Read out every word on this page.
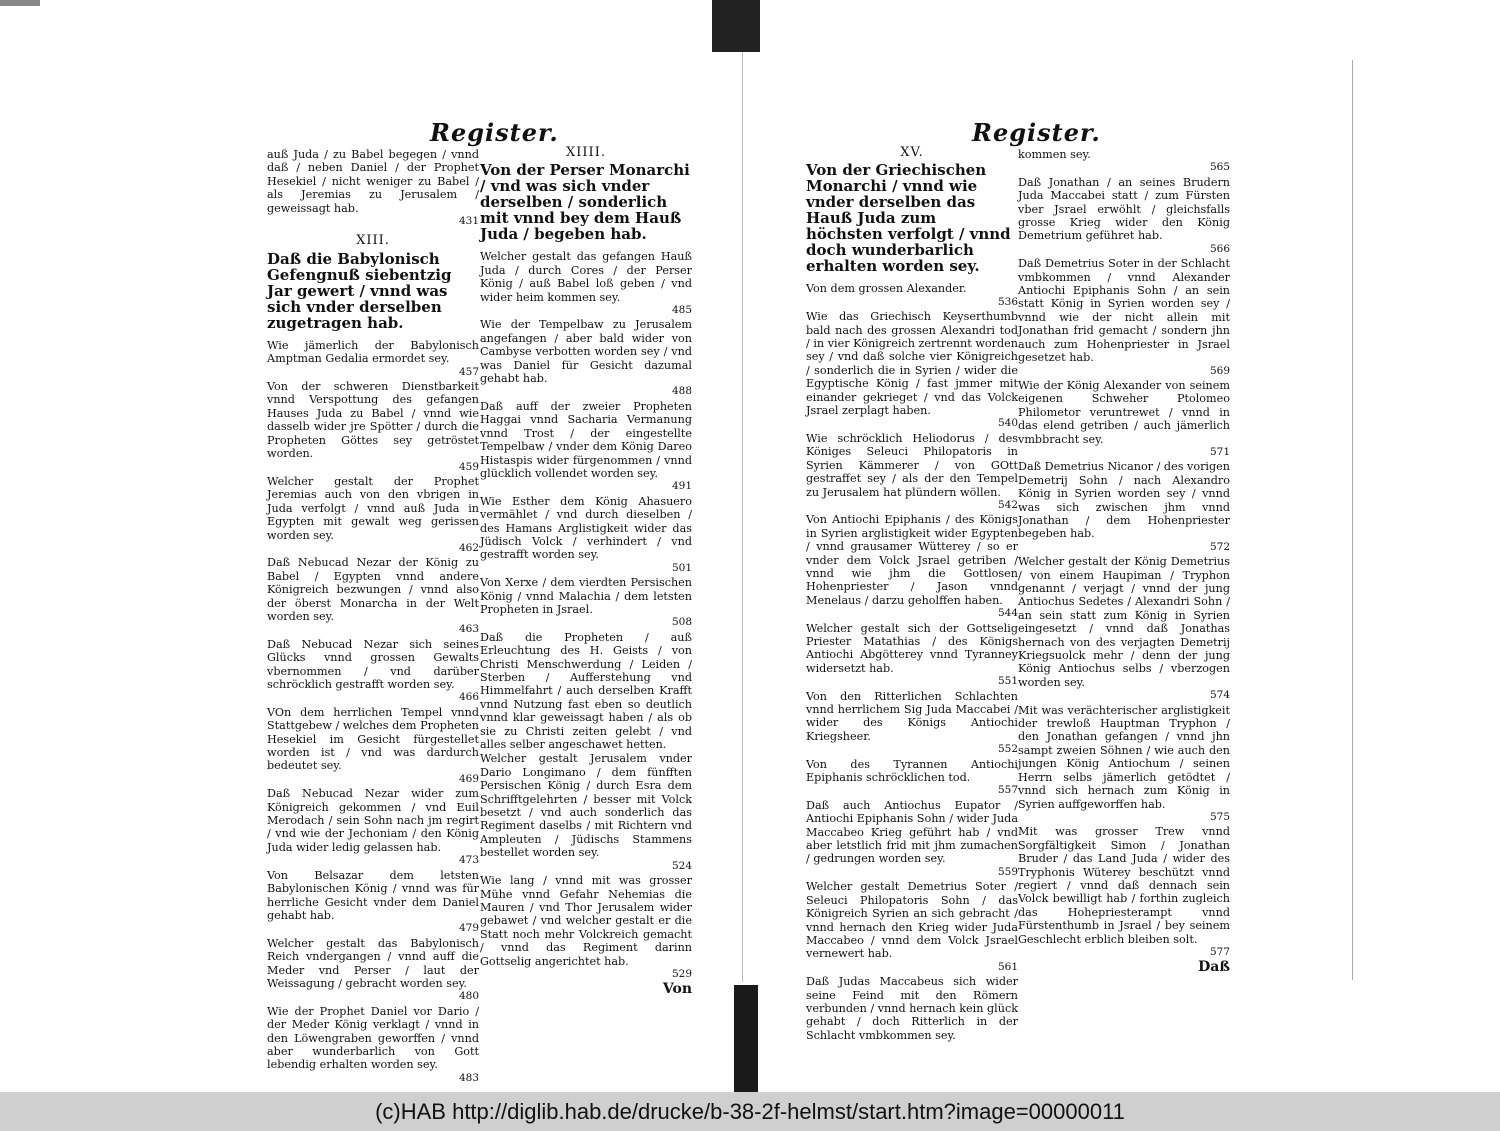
Register.
auß Juda / zu Babel begegen / vnnd daß / neben Daniel / der Prophet Hesekiel / nicht weniger zu Babel / als Jeremias zu Jerusalem / geweissagt hab.
431
XIII.
Daß die Babylonisch Gefengnuß siebentzig Jar gewert / vnnd was sich vnder derselben zugetragen hab.
Wie jämerlich der Babylonisch Amptman Gedalia ermordet sey.
457
Von der schweren Dienstbarkeit vnnd Verspottung des gefangen Hauses Juda zu Babel / vnnd wie dasselb wider jre Spötter / durch die Propheten Göttes sey getröstet worden.
459
Welcher gestalt der Prophet Jeremias auch von den vbrigen in Juda verfolgt / vnnd auß Juda in Egypten mit gewalt weg gerissen worden sey.
462
Daß Nebucad Nezar der König zu Babel / Egypten vnnd andere Königreich bezwungen / vnnd also der öberst Monarcha in der Welt worden sey.
463
Daß Nebucad Nezar sich seines Glücks vnnd grossen Gewalts vbernommen / vnd darüber schröcklich gestrafft worden sey.
466
VOn dem herrlichen Tempel vnnd Stattgebew / welches dem Propheten Hesekiel im Gesicht fürgestellet worden ist / vnd was dardurch bedeutet sey.
469
Daß Nebucad Nezar wider zum Königreich gekommen / vnd Euil Merodach / sein Sohn nach jm regirt / vnd wie der Jechoniam / den König Juda wider ledig gelassen hab.
473
Von Belsazar dem letsten Babylonischen König / vnnd was für herrliche Gesicht vnder dem Daniel gehabt hab.
479
Welcher gestalt das Babylonisch Reich vndergangen / vnnd auff die Meder vnd Perser / laut der Weissagung / gebracht worden sey.
480
Wie der Prophet Daniel vor Dario / der Meder König verklagt / vnnd in den Löwengraben geworffen / vnnd aber wunderbarlich von Gott lebendig erhalten worden sey.
483
XIIII.
Von der Perser Monarchi / vnd was sich vnder derselben / sonderlich mit vnnd bey dem Hauß Juda / begeben hab.
Welcher gestalt das gefangen Hauß Juda / durch Cores / der Perser König / auß Babel loß geben / vnd wider heim kommen sey.
485
Wie der Tempelbaw zu Jerusalem angefangen / aber bald wider von Cambyse verbotten worden sey / vnd was Daniel für Gesicht dazumal gehabt hab.
488
Daß auff der zweier Propheten Haggai vnnd Sacharia Vermanung vnnd Trost / der eingestellte Tempelbaw / vnder dem König Dareo Histaspis wider fürgenommen / vnnd glücklich vollendet worden sey.
491
Wie Esther dem König Ahasuero vermählet / vnd durch dieselben / des Hamans Arglistigkeit wider das Jüdisch Volck / verhindert / vnd gestrafft worden sey.
501
Von Xerxe / dem vierdten Persischen König / vnnd Malachia / dem letsten Propheten in Jsrael.
508
Daß die Propheten / auß Erleuchtung des H. Geists / von Christi Menschwerdung / Leiden / Sterben / Aufferstehung vnd Himmelfahrt / auch derselben Krafft vnnd Nutzung fast eben so deutlich vnnd klar geweissagt haben / als ob sie zu Christi zeiten gelebt / vnd alles selber angeschawet hetten.
Welcher gestalt Jerusalem vnder Dario Longimano / dem fünfften Persischen König / durch Esra dem Schrifftgelehrten / besser mit Volck besetzt / vnd auch sonderlich das Regiment daselbs / mit Richtern vnd Ampleuten / Jüdischs Stammens bestellet worden sey.
524
Wie lang / vnnd mit was grosser Mühe vnnd Gefahr Nehemias die Mauren / vnd Thor Jerusalem wider gebawet / vnd welcher gestalt er die Statt noch mehr Volckreich gemacht / vnnd das Regiment darinn Gottselig angerichtet hab.
529
Von
Register.
XV.
Von der Griechischen Monarchi / vnnd wie vnder derselben das Hauß Juda zum höchsten verfolgt / vnnd doch wunderbarlich erhalten worden sey.
Von dem grossen Alexander.
536
Wie das Griechisch Keyserthumb bald nach des grossen Alexandri tod / in vier Königreich zertrennt worden sey / vnd daß solche vier Königreich / sonderlich die in Syrien / wider die Egyptische König / fast jmmer mit einander gekrieget / vnd das Volck Jsrael zerplagt haben.
540
Wie schröcklich Heliodorus / des Königes Seleuci Philopatoris in Syrien Kämmerer / von GOtt gestraffet sey / als der den Tempel zu Jerusalem hat plündern wöllen.
542
Von Antiochi Epiphanis / des Königs in Syrien arglistigkeit wider Egypten / vnnd grausamer Wütterey / so er vnder dem Volck Jsrael getriben / vnnd wie jhm die Gottlosen Hohenpriester / Jason vnnd Menelaus / darzu geholffen haben.
544
Welcher gestalt sich der Gottselig Priester Matathias / des Königs Antiochi Abgötterey vnnd Tyranney widersetzt hab.
551
Von den Ritterlichen Schlachten vnnd herrlichem Sig Juda Maccabei / wider des Königs Antiochi Kriegsheer.
552
Von des Tyrannen Antiochi Epiphanis schröcklichen tod.
557
Daß auch Antiochus Eupator / Antiochi Epiphanis Sohn / wider Juda Maccabeo Krieg geführt hab / vnd aber letstlich frid mit jhm zumachen / gedrungen worden sey.
559
Welcher gestalt Demetrius Soter / Seleuci Philopatoris Sohn / das Königreich Syrien an sich gebracht / vnnd hernach den Krieg wider Juda Maccabeo / vnnd dem Volck Jsrael vernewert hab.
561
Daß Judas Maccabeus sich wider seine Feind mit den Römern verbunden / vnnd hernach kein glück gehabt / doch Ritterlich in der Schlacht vmbkommen sey.
kommen sey.
565
Daß Jonathan / an seines Brudern Juda Maccabei statt / zum Fürsten vber Jsrael erwöhlt / gleichsfalls grosse Krieg wider den König Demetrium geführet hab.
566
Daß Demetrius Soter in der Schlacht vmbkommen / vnnd Alexander Antiochi Epiphanis Sohn / an sein statt König in Syrien worden sey / vnnd wie der nicht allein mit Jonathan frid gemacht / sondern jhn auch zum Hohenpriester in Jsrael gesetzet hab.
569
Wie der König Alexander von seinem eigenen Schweher Ptolomeo Philometor veruntrewet / vnnd in das elend getriben / auch jämerlich vmbbracht sey.
571
Daß Demetrius Nicanor / des vorigen Demetrij Sohn / nach Alexandro König in Syrien worden sey / vnnd was sich zwischen jhm vnnd Jonathan / dem Hohenpriester begeben hab.
572
Welcher gestalt der König Demetrius / von einem Haupiman / Tryphon genannt / verjagt / vnnd der jung Antiochus Sedetes / Alexandri Sohn / an sein statt zum König in Syrien eingesetzt / vnnd daß Jonathas hernach von des verjagten Demetrij Kriegsuolck mehr / denn der jung König Antiochus selbs / vberzogen worden sey.
574
Mit was verächterischer arglistigkeit der trewloß Hauptman Tryphon / den Jonathan gefangen / vnnd jhn sampt zweien Söhnen / wie auch den jungen König Antiochum / seinen Herrn selbs jämerlich getödtet / vnnd sich hernach zum König in Syrien auffgeworffen hab.
575
Mit was grosser Trew vnnd Sorgfältigkeit Simon / Jonathan Bruder / das Land Juda / wider des Tryphonis Wüterey beschützt vnnd regiert / vnnd daß dennach sein Volck bewilligt hab / forthin zugleich das Hohepriesterampt vnnd Fürstenthumb in Jsrael / bey seinem Geschlecht erblich bleiben solt.
577
Daß
(c)HAB http://diglib.hab.de/drucke/b-38-2f-helmst/start.htm?image=00000011
